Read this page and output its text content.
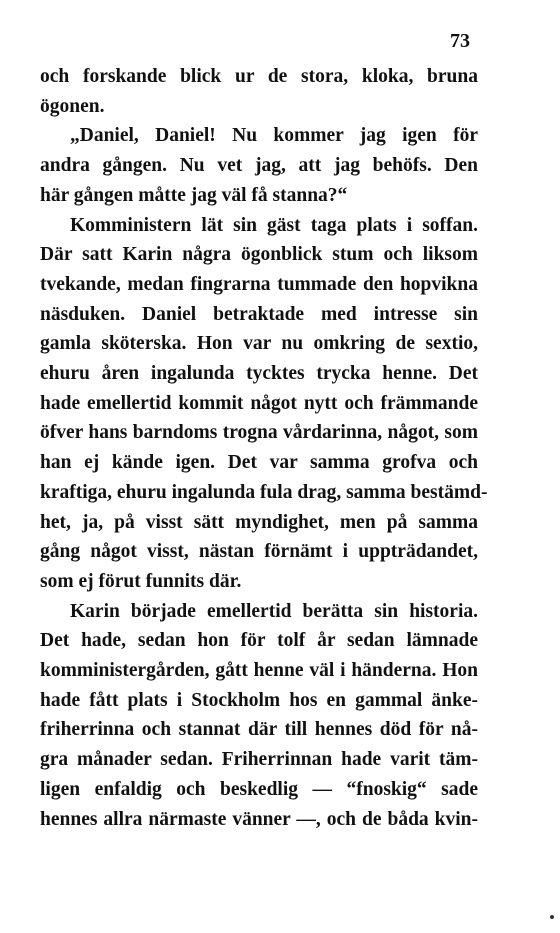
73
och forskande blick ur de stora, kloka, bruna
ögonen.
„Daniel, Daniel! Nu kommer jag igen för
andra gången. Nu vet jag, att jag behöfs. Den
här gången måtte jag väl få stanna?“
Komministern lät sin gäst taga plats i soffan.
Där satt Karin några ögonblick stum och liksom
tvekande, medan fingrarna tummade den hopvikna
näsduken. Daniel betraktade med intresse sin
gamla sköterska. Hon var nu omkring de sextio,
ehuru åren ingalunda tycktes trycka henne. Det
hade emellertid kommit något nytt och främmande
öfver hans barndoms trogna vårdarinna, något, som
han ej kände igen. Det var samma grofva och
kraftiga, ehuru ingalunda fula drag, samma bestämd-
het, ja, på visst sätt myndighet, men på samma
gång något visst, nästan förnämt i uppträdandet,
som ej förut funnits där.
Karin började emellertid berätta sin historia.
Det hade, sedan hon för tolf år sedan lämnade
komministergården, gått henne väl i händerna. Hon
hade fått plats i Stockholm hos en gammal änke-
friherrinna och stannat där till hennes död för nå-
gra månader sedan. Friherrinnan hade varit täm-
ligen enfaldig och beskedlig — “fnoskig“ sade
hennes allra närmaste vänner —, och de båda kvin-
